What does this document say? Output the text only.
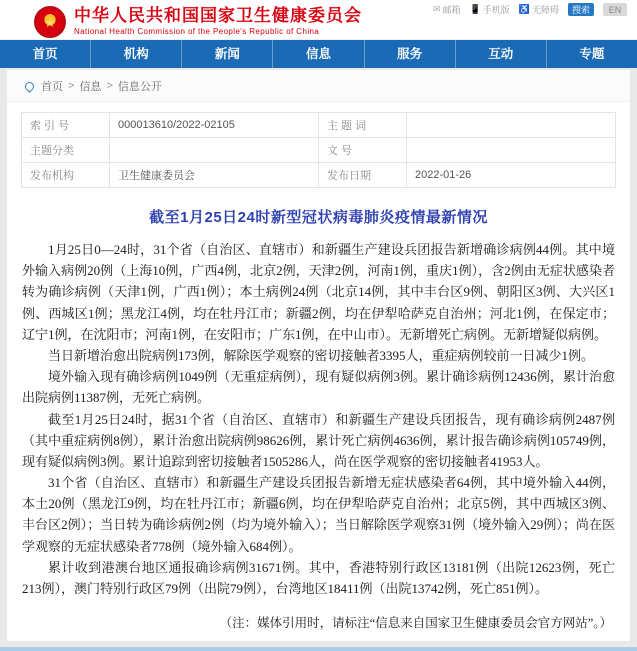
★ 中华人民共和国国家卫生健康委员会
National Health Commission of the People's Republic of China
✉ 邮箱 📱 手机版 ♿ 无障碍	搜索	EN
首页	机构	新闻	信息	服务	互动	专题
首页 > 信息 > 信息公开
索 引 号	000013610/2022-02105	主 题 词	
主题分类		文 号	
发布机构	卫生健康委员会	发布日期	2022-01-26
截至1月25日24时新型冠状病毒肺炎疫情最新情况

1月25日0—24时，31个省（自治区、直辖市）和新疆生产建设兵团报告新增确诊病例44例。其中境外输入病例20例（上海10例，广西4例，北京2例，天津2例，河南1例，重庆1例），含2例由无症状感染者转为确诊病例（天津1例，广西1例）；本土病例24例（北京14例，其中丰台区9例、朝阳区3例、大兴区1例、西城区1例；黑龙江4例，均在牡丹江市；新疆2例，均在伊犁哈萨克自治州；河北1例，在保定市；辽宁1例，在沈阳市；河南1例，在安阳市；广东1例，在中山市）。无新增死亡病例。无新增疑似病例。

当日新增治愈出院病例173例，解除医学观察的密切接触者3395人，重症病例较前一日减少1例。

境外输入现有确诊病例1049例（无重症病例），现有疑似病例3例。累计确诊病例12436例，累计治愈出院病例11387例，无死亡病例。

截至1月25日24时，据31个省（自治区、直辖市）和新疆生产建设兵团报告，现有确诊病例2487例（其中重症病例8例），累计治愈出院病例98626例，累计死亡病例4636例，累计报告确诊病例105749例，现有疑似病例3例。累计追踪到密切接触者1505286人，尚在医学观察的密切接触者41953人。

31个省（自治区、直辖市）和新疆生产建设兵团报告新增无症状感染者64例，其中境外输入44例，本土20例（黑龙江9例，均在牡丹江市；新疆6例，均在伊犁哈萨克自治州；北京5例，其中西城区3例、丰台区2例）；当日转为确诊病例2例（均为境外输入）；当日解除医学观察31例（境外输入29例）；尚在医学观察的无症状感染者778例（境外输入684例）。

累计收到港澳台地区通报确诊病例31671例。其中，香港特别行政区13181例（出院12623例，死亡213例），澳门特别行政区79例（出院79例），台湾地区18411例（出院13742例，死亡851例）。

（注：媒体引用时，请标注“信息来自国家卫生健康委员会官方网站”。）
